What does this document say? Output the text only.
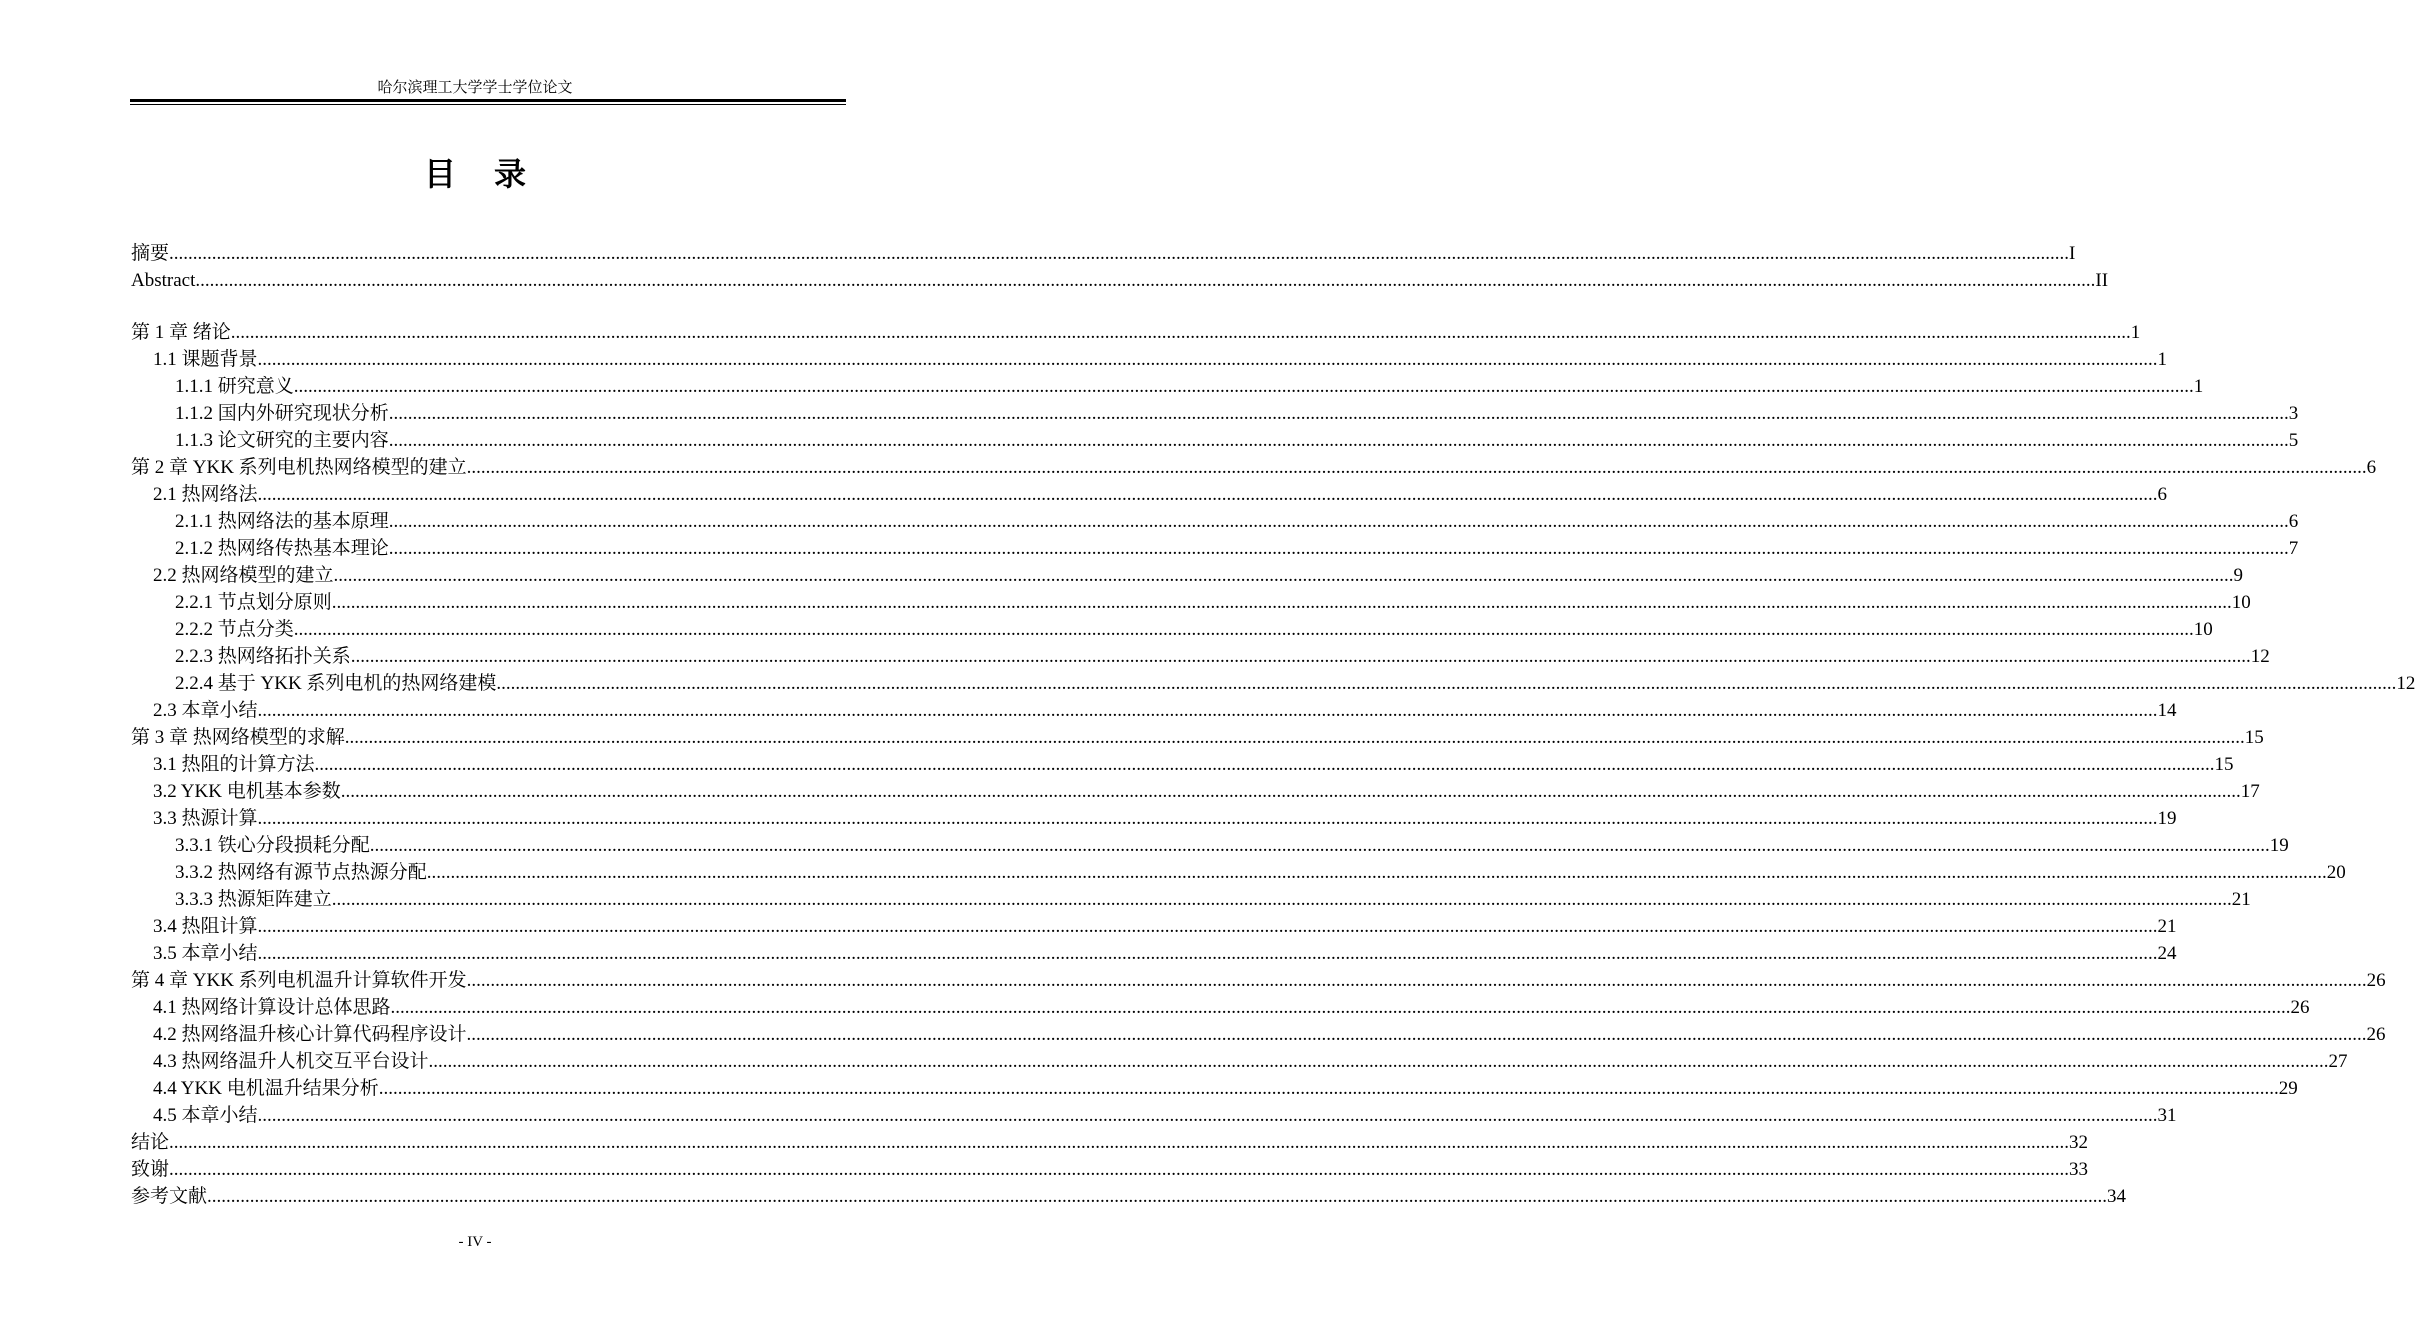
哈尔滨理工大学学士学位论文
目录
摘要 ................................................................................................................................................................................................................................................................................................................................................................................................................ I
Abstract ................................................................................................................................................................................................................................................................................................................................................................................................................ II
第 1 章 绪论 ................................................................................................................................................................................................................................................................................................................................................................................................................ 1
1.1 课题背景 ................................................................................................................................................................................................................................................................................................................................................................................................................ 1
1.1.1 研究意义 ................................................................................................................................................................................................................................................................................................................................................................................................................ 1
1.1.2 国内外研究现状分析 ................................................................................................................................................................................................................................................................................................................................................................................................................ 3
1.1.3 论文研究的主要内容 ................................................................................................................................................................................................................................................................................................................................................................................................................ 5
第 2 章 YKK 系列电机热网络模型的建立 ................................................................................................................................................................................................................................................................................................................................................................................................................ 6
2.1 热网络法 ................................................................................................................................................................................................................................................................................................................................................................................................................ 6
2.1.1 热网络法的基本原理 ................................................................................................................................................................................................................................................................................................................................................................................................................ 6
2.1.2 热网络传热基本理论 ................................................................................................................................................................................................................................................................................................................................................................................................................ 7
2.2 热网络模型的建立 ................................................................................................................................................................................................................................................................................................................................................................................................................ 9
2.2.1 节点划分原则 ................................................................................................................................................................................................................................................................................................................................................................................................................ 10
2.2.2 节点分类 ................................................................................................................................................................................................................................................................................................................................................................................................................ 10
2.2.3 热网络拓扑关系 ................................................................................................................................................................................................................................................................................................................................................................................................................ 12
2.2.4 基于 YKK 系列电机的热网络建模 ................................................................................................................................................................................................................................................................................................................................................................................................................ 12
2.3 本章小结 ................................................................................................................................................................................................................................................................................................................................................................................................................ 14
第 3 章 热网络模型的求解 ................................................................................................................................................................................................................................................................................................................................................................................................................ 15
3.1 热阻的计算方法 ................................................................................................................................................................................................................................................................................................................................................................................................................ 15
3.2 YKK 电机基本参数 ................................................................................................................................................................................................................................................................................................................................................................................................................ 17
3.3 热源计算 ................................................................................................................................................................................................................................................................................................................................................................................................................ 19
3.3.1 铁心分段损耗分配 ................................................................................................................................................................................................................................................................................................................................................................................................................ 19
3.3.2 热网络有源节点热源分配 ................................................................................................................................................................................................................................................................................................................................................................................................................ 20
3.3.3 热源矩阵建立 ................................................................................................................................................................................................................................................................................................................................................................................................................ 21
3.4 热阻计算 ................................................................................................................................................................................................................................................................................................................................................................................................................ 21
3.5 本章小结 ................................................................................................................................................................................................................................................................................................................................................................................................................ 24
第 4 章 YKK 系列电机温升计算软件开发 ................................................................................................................................................................................................................................................................................................................................................................................................................ 26
4.1 热网络计算设计总体思路 ................................................................................................................................................................................................................................................................................................................................................................................................................ 26
4.2 热网络温升核心计算代码程序设计 ................................................................................................................................................................................................................................................................................................................................................................................................................ 26
4.3 热网络温升人机交互平台设计 ................................................................................................................................................................................................................................................................................................................................................................................................................ 27
4.4 YKK 电机温升结果分析 ................................................................................................................................................................................................................................................................................................................................................................................................................ 29
4.5 本章小结 ................................................................................................................................................................................................................................................................................................................................................................................................................ 31
结论 ................................................................................................................................................................................................................................................................................................................................................................................................................ 32
致谢 ................................................................................................................................................................................................................................................................................................................................................................................................................ 33
参考文献 ................................................................................................................................................................................................................................................................................................................................................................................................................ 34
- IV -
